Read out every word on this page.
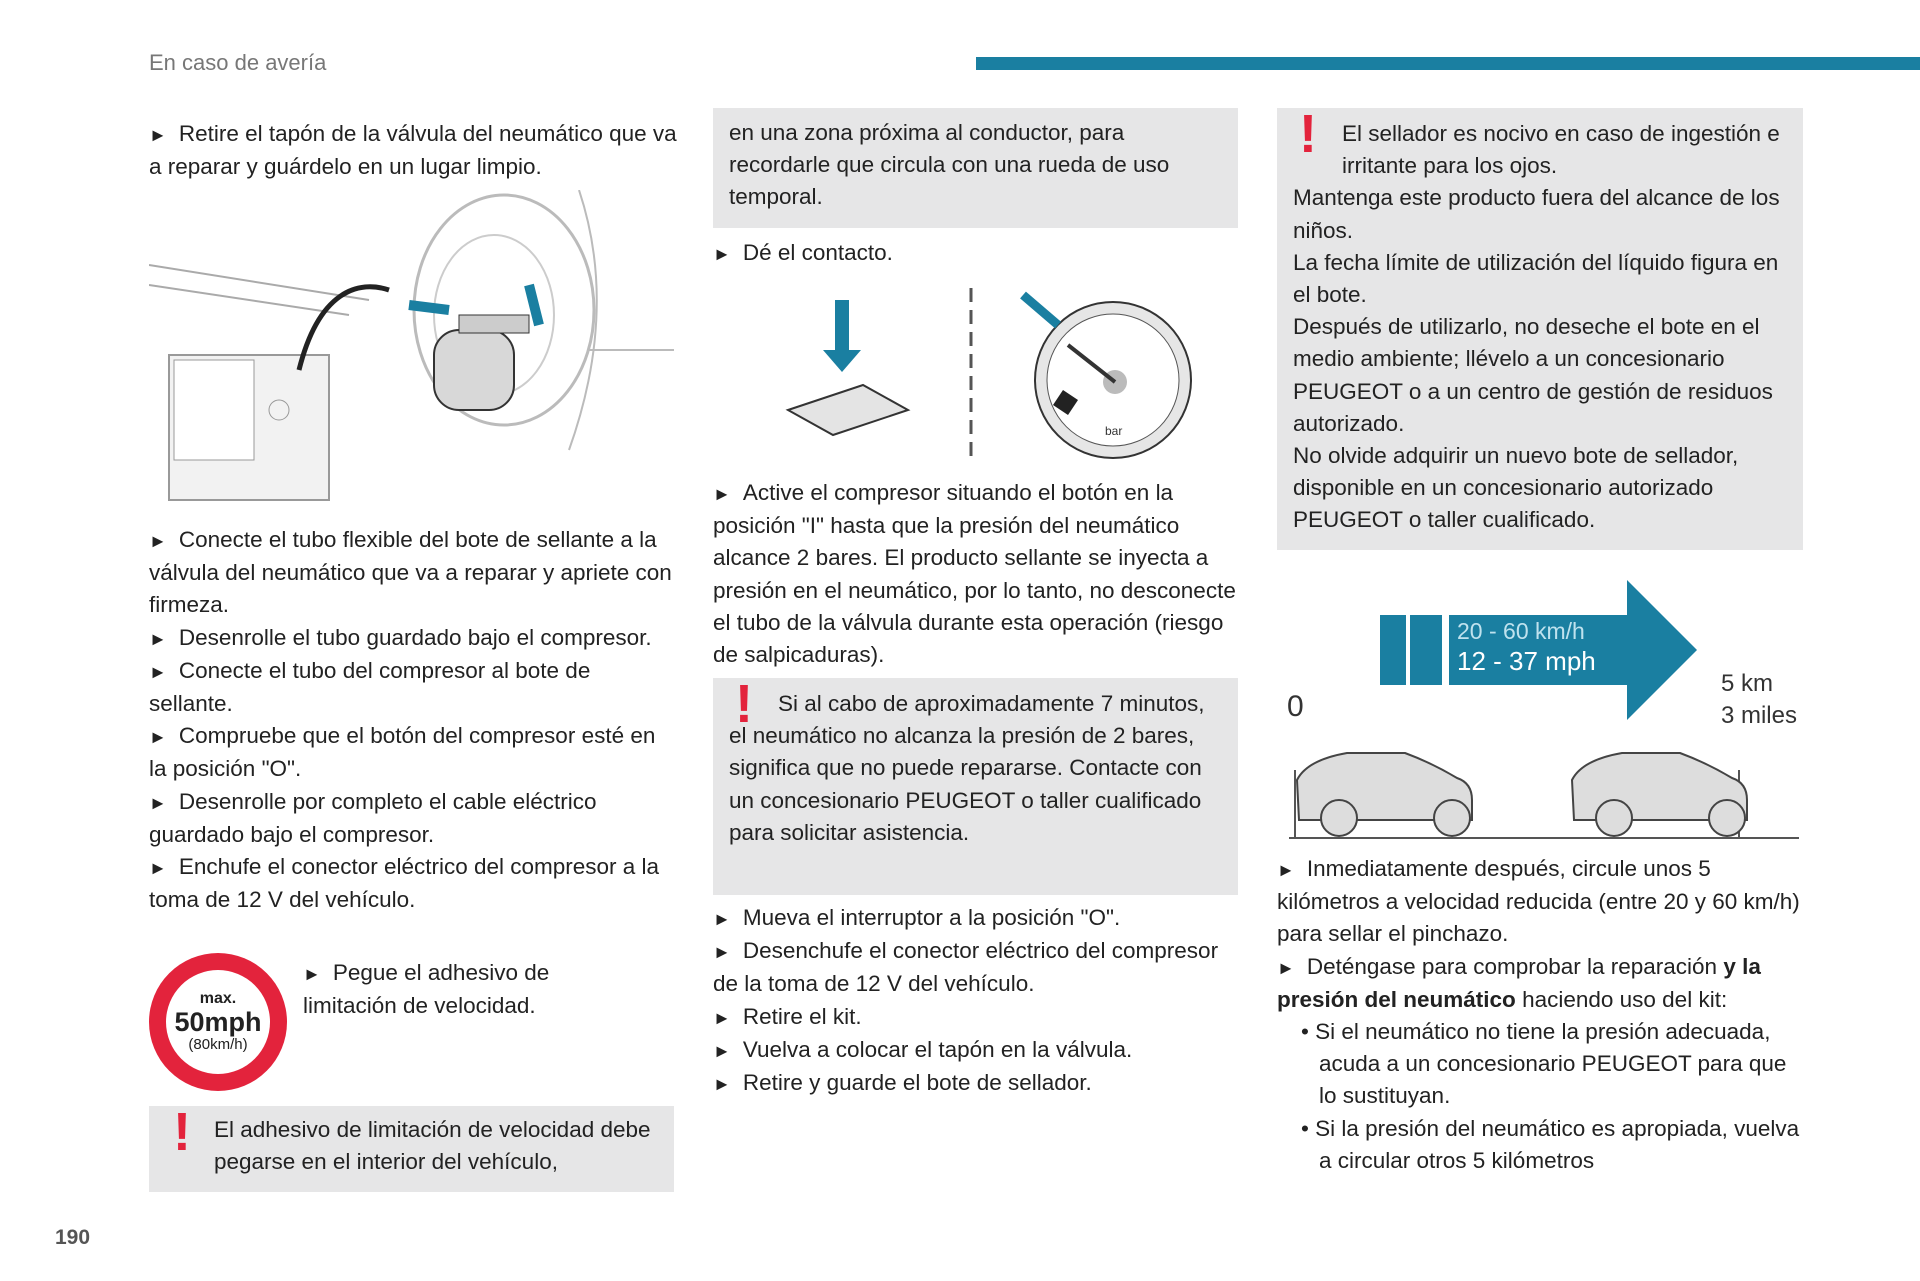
En caso de avería
190

► Retire el tapón de la válvula del neumático que va a reparar y guárdelo en un lugar limpio.

► Conecte el tubo flexible del bote de sellante a la válvula del neumático que va a reparar y apriete con firmeza.

► Desenrolle el tubo guardado bajo el compresor.

► Conecte el tubo del compresor al bote de sellante.

► Compruebe que el botón del compresor esté en la posición "O".

► Desenrolle por completo el cable eléctrico guardado bajo el compresor.

► Enchufe el conector eléctrico del compresor a la toma de 12 V del vehículo.

max.
50mph
(80km/h)
► Pegue el adhesivo de limitación de velocidad.
! El adhesivo de limitación de velocidad debe pegarse en el interior del vehículo,
en una zona próxima al conductor, para recordarle que circula con una rueda de uso temporal.
► Dé el contacto.
bar
► Active el compresor situando el botón en la posición "I" hasta que la presión del neumático alcance 2 bares. El producto sellante se inyecta a presión en el neumático, por lo tanto, no desconecte el tubo de la válvula durante esta operación (riesgo de salpicaduras).
!	Si al cabo de aproximadamente 7 minutos, el neumático no alcanza la presión de 2 bares, significa que no puede repararse. Contacte con un concesionario PEUGEOT o taller cualificado para solicitar asistencia.

► Mueva el interruptor a la posición "O".

► Desenchufe el conector eléctrico del compresor de la toma de 12 V del vehículo.

► Retire el kit.

► Vuelva a colocar el tapón en la válvula.

► Retire y guarde el bote de sellador.

!	El sellador es nocivo en caso de ingestión e irritante para los ojos.

Mantenga este producto fuera del alcance de los niños.

La fecha límite de utilización del líquido figura en el bote.

Después de utilizarlo, no deseche el bote en el medio ambiente; llévelo a un concesionario PEUGEOT o a un centro de gestión de residuos autorizado.

No olvide adquirir un nuevo bote de sellador, disponible en un concesionario autorizado PEUGEOT o taller cualificado.

20 - 60 km/h
12 - 37 mph
0
5 km
3 miles

► Inmediatamente después, circule unos 5 kilómetros a velocidad reducida (entre 20 y 60 km/h) para sellar el pinchazo.

► Deténgase para comprobar la reparación y la presión del neumático haciendo uso del kit:

• Si el neumático no tiene la presión adecuada, acuda a un concesionario PEUGEOT para que lo sustituyan.

• Si la presión del neumático es apropiada, vuelva a circular otros 5 kilómetros
